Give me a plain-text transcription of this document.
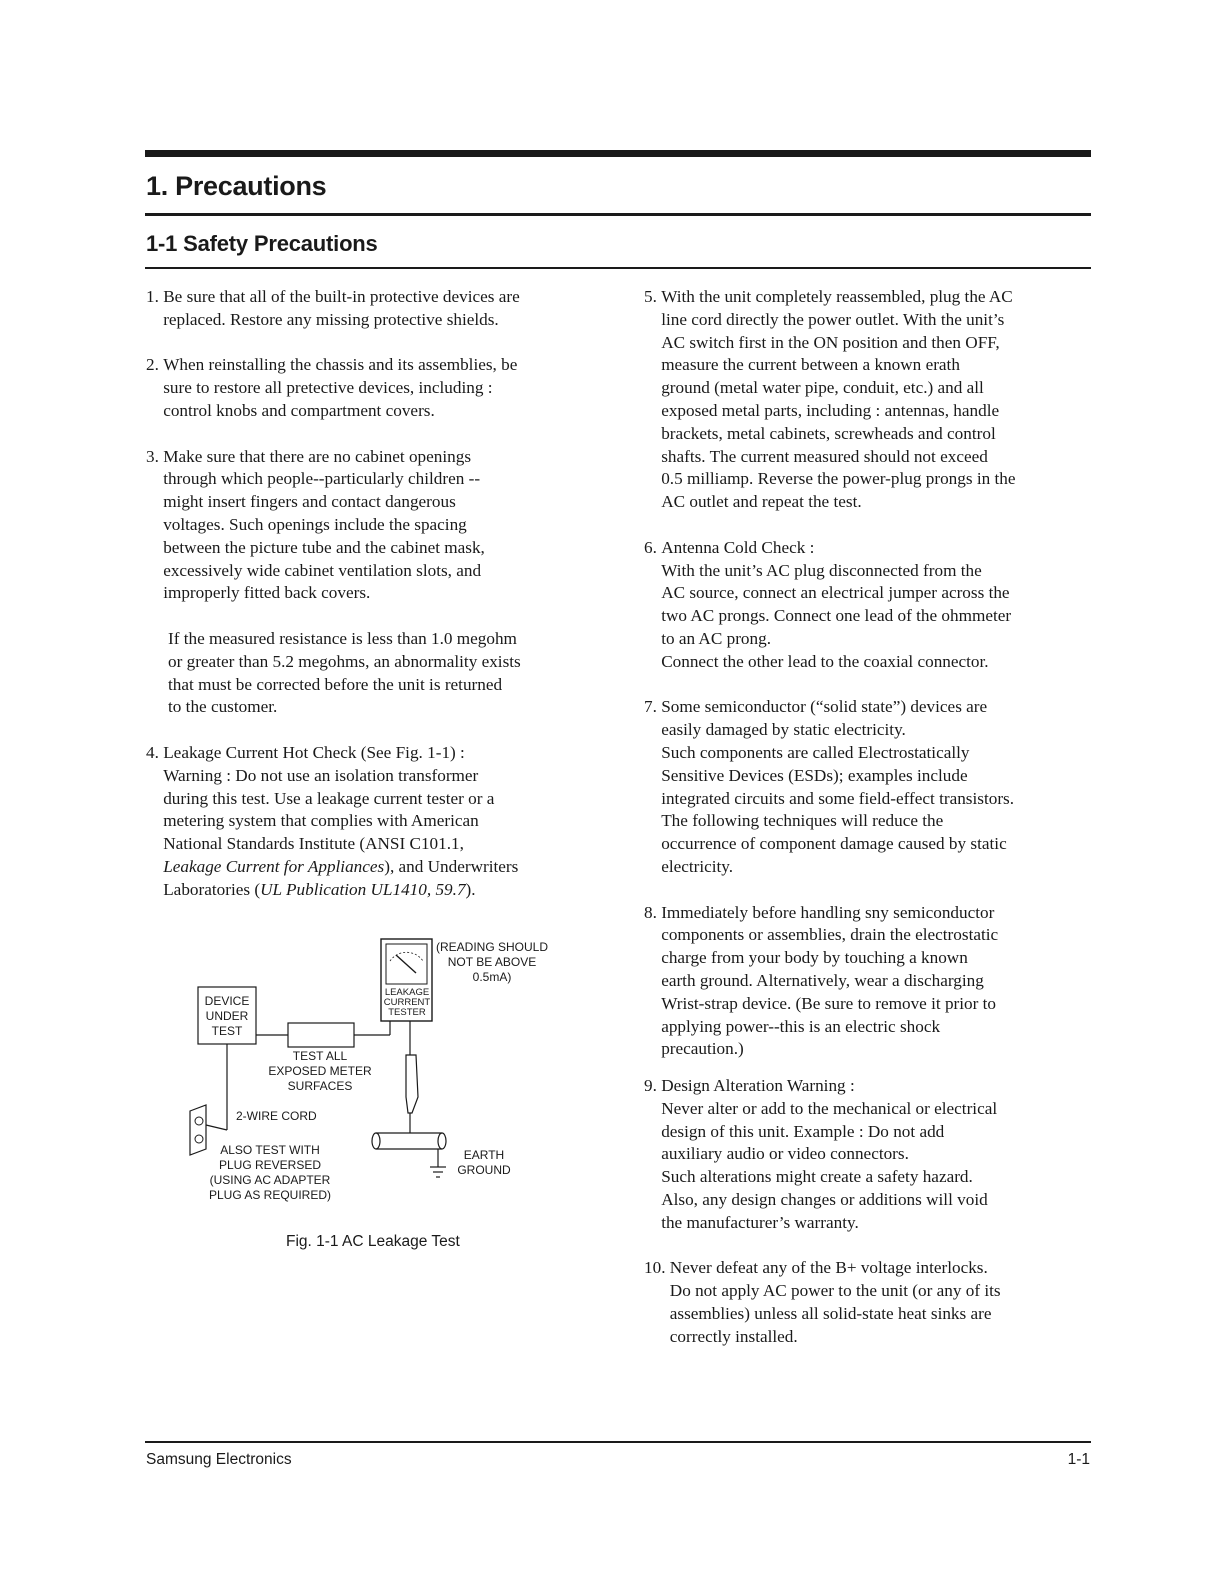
1. Precautions
1-1 Safety Precautions
1. Be sure that all of the built-in protective devices are
replaced. Restore any missing protective shields.
2. When reinstalling the chassis and its assemblies, be
sure to restore all pretective devices, including :
control knobs and compartment covers.
3. Make sure that there are no cabinet openings
through which people--particularly children --
might insert fingers and contact dangerous
voltages. Such openings include the spacing
between the picture tube and the cabinet mask,
excessively wide cabinet ventilation slots, and
improperly fitted back covers.
If the measured resistance is less than 1.0 megohm
or greater than 5.2 megohms, an abnormality exists
that must be corrected before the unit is returned
to the customer.
4. Leakage Current Hot Check (See Fig. 1-1) :
Warning : Do not use an isolation transformer
during this test. Use a leakage current tester or a
metering system that complies with American
National Standards Institute (ANSI C101.1,
Leakage Current for Appliances), and Underwriters
Laboratories (UL Publication UL1410, 59.7).
DEVICE
UNDER
TEST
LEAKAGE
CURRENT
TESTER
(READING SHOULD
NOT BE ABOVE
0.5mA)
EARTH
GROUND
TEST ALL
EXPOSED METER
SURFACES
2-WIRE CORD
ALSO TEST WITH
PLUG REVERSED
(USING AC ADAPTER
PLUG AS REQUIRED)
Fig. 1-1 AC Leakage Test
5. With the unit completely reassembled, plug the AC
line cord directly the power outlet. With the unit’s
AC switch first in the ON position and then OFF,
measure the current between a known erath
ground (metal water pipe, conduit, etc.) and all
exposed metal parts, including : antennas, handle
brackets, metal cabinets, screwheads and control
shafts. The current measured should not exceed
0.5 milliamp. Reverse the power-plug prongs in the
AC outlet and repeat the test.
6. Antenna Cold Check :
With the unit’s AC plug disconnected from the
AC source, connect an electrical jumper across the
two AC prongs. Connect one lead of the ohmmeter
to an AC prong.
Connect the other lead to the coaxial connector.
7. Some semiconductor (“solid state”) devices are
easily damaged by static electricity.
Such components are called Electrostatically
Sensitive Devices (ESDs); examples include
integrated circuits and some field-effect transistors.
The following techniques will reduce the
occurrence of component damage caused by static
electricity.
8. Immediately before handling sny semiconductor
components or assemblies, drain the electrostatic
charge from your body by touching a known
earth ground. Alternatively, wear a discharging
Wrist-strap device. (Be sure to remove it prior to
applying power--this is an electric shock
precaution.)
9. Design Alteration Warning :
Never alter or add to the mechanical or electrical
design of this unit. Example : Do not add
auxiliary audio or video connectors.
Such alterations might create a safety hazard.
Also, any design changes or additions will void
the manufacturer’s warranty.
10. Never defeat any of the B+ voltage interlocks.
Do not apply AC power to the unit (or any of its
assemblies) unless all solid-state heat sinks are
correctly installed.
Samsung Electronics	1-1
